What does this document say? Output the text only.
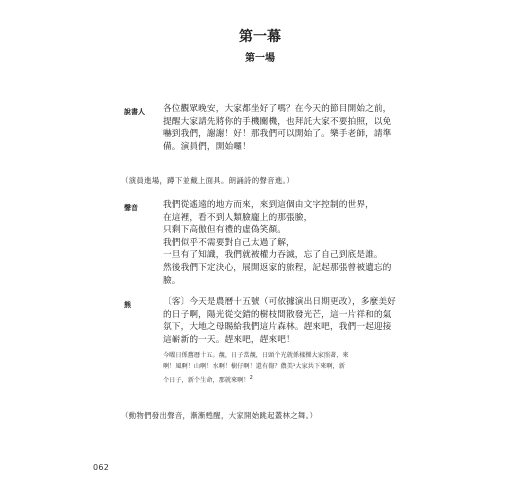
第一幕
第一場
說書人 各位觀眾晚安，大家都坐好了嗎？在今天的節目開始之前，
提醒大家請先將你的手機關機，也拜託大家不要拍照，以免
嚇到我們，謝謝！好！那我們可以開始了。樂手老師，請準
備。演員們，開始囉！
（演員進場，蹲下並戴上面具。朗誦詩的聲音進。）
聲音	我們從遙遠的地方而來，來到這個由文字控制的世界，
在這裡，看不到人類臉龐上的那張臉，
只剩下高傲但有禮的虛偽笑顏。
我們似乎不需要對自己太過了解，
一旦有了知識，我們就被權力吞滅，忘了自己到底是誰。
然後我們下定決心，展開返家的旅程，記起那張曾被遺忘的
臉。
熊	〔客〕今天是農曆十五號（可依據演出日期更改），多麼美好
的日子啊，陽光從交錯的樹枝間散發光芒，這一片祥和的氣
氛下，大地之母賜給我們這片森林。趕來吧，我們一起迎接
這嶄新的一天。趕來吧，趕來吧！
今曜日係舊曆十五。靚，日子當靚，日頭个光就係樣擽大家照著，來
啊！風啊！山啊！水啊！樹仔啊！還有傷？儂美¹大家共下來啊，新
个日子，新个生命，那就來啊！$^2$
（動物們發出聲音，漸漸甦醒，大家開始跳起叢林之舞。）
062
